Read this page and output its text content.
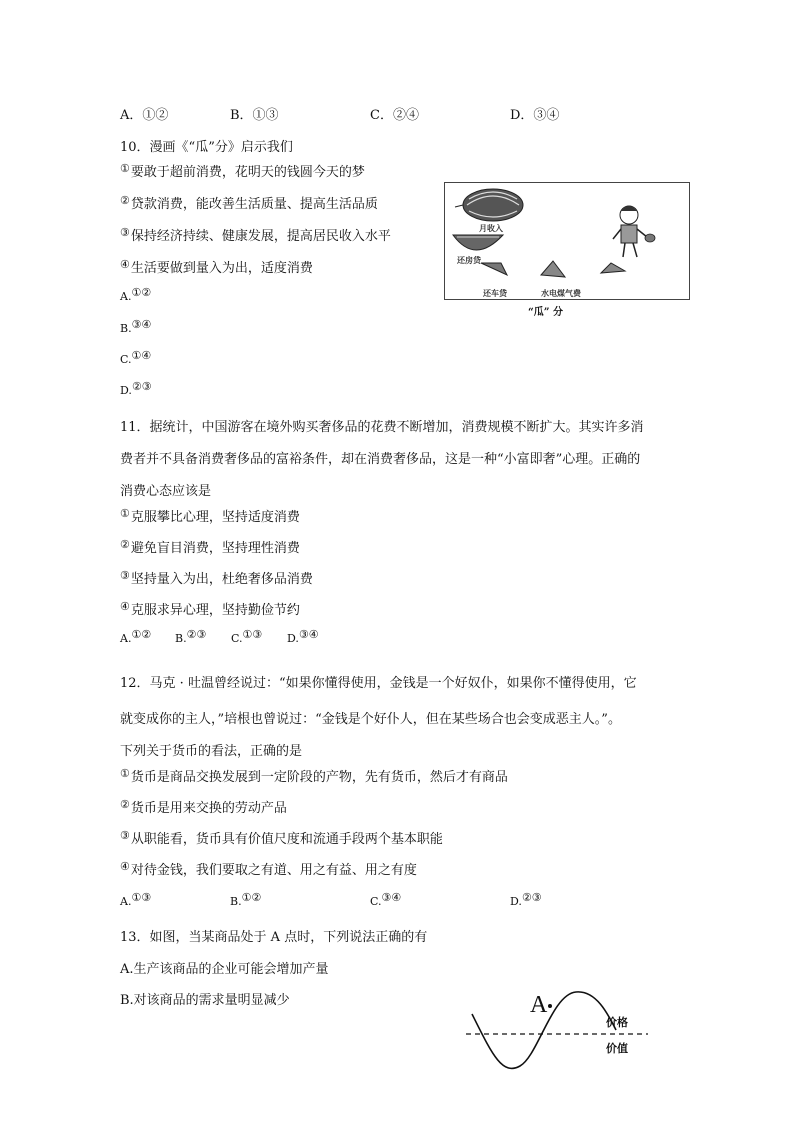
A．①②	B．①③	C．②④	D．③④
10．漫画《“瓜”分》启示我们
①要敢于超前消费，花明天的钱圆今天的梦
②贷款消费，能改善生活质量、提高生活品质
③保持经济持续、健康发展，提高居民收入水平
④生活要做到量入为出，适度消费
A.①②
B.③④
C.①④
D.②③
月收入
还房贷
还车贷	水电煤气费
“瓜” 分
11．据统计，中国游客在境外购买奢侈品的花费不断增加，消费规模不断扩大。其实许多消
费者并不具备消费奢侈品的富裕条件，却在消费奢侈品，这是一种“小富即奢”心理。正确的
消费心态应该是
①克服攀比心理，坚持适度消费
②避免盲目消费，坚持理性消费
③坚持量入为出，杜绝奢侈品消费
④克服求异心理，坚持勤俭节约
A.①② B.②③ C.①③ D.③④
12．马克 · 吐温曾经说过：“如果你懂得使用，金钱是一个好奴仆，如果你不懂得使用，它
就变成你的主人，”培根也曾说过：“金钱是个好仆人，但在某些场合也会变成恶主人。”。
下列关于货币的看法，正确的是
①货币是商品交换发展到一定阶段的产物，先有货币，然后才有商品
②货币是用来交换的劳动产品
③从职能看，货币具有价值尺度和流通手段两个基本职能
④对待金钱，我们要取之有道、用之有益、用之有度
A.①③	B.①②	C.③④	D.②③
13．如图，当某商品处于 A 点时，下列说法正确的有
A.生产该商品的企业可能会增加产量
B.对该商品的需求量明显减少	A
价格
价值
